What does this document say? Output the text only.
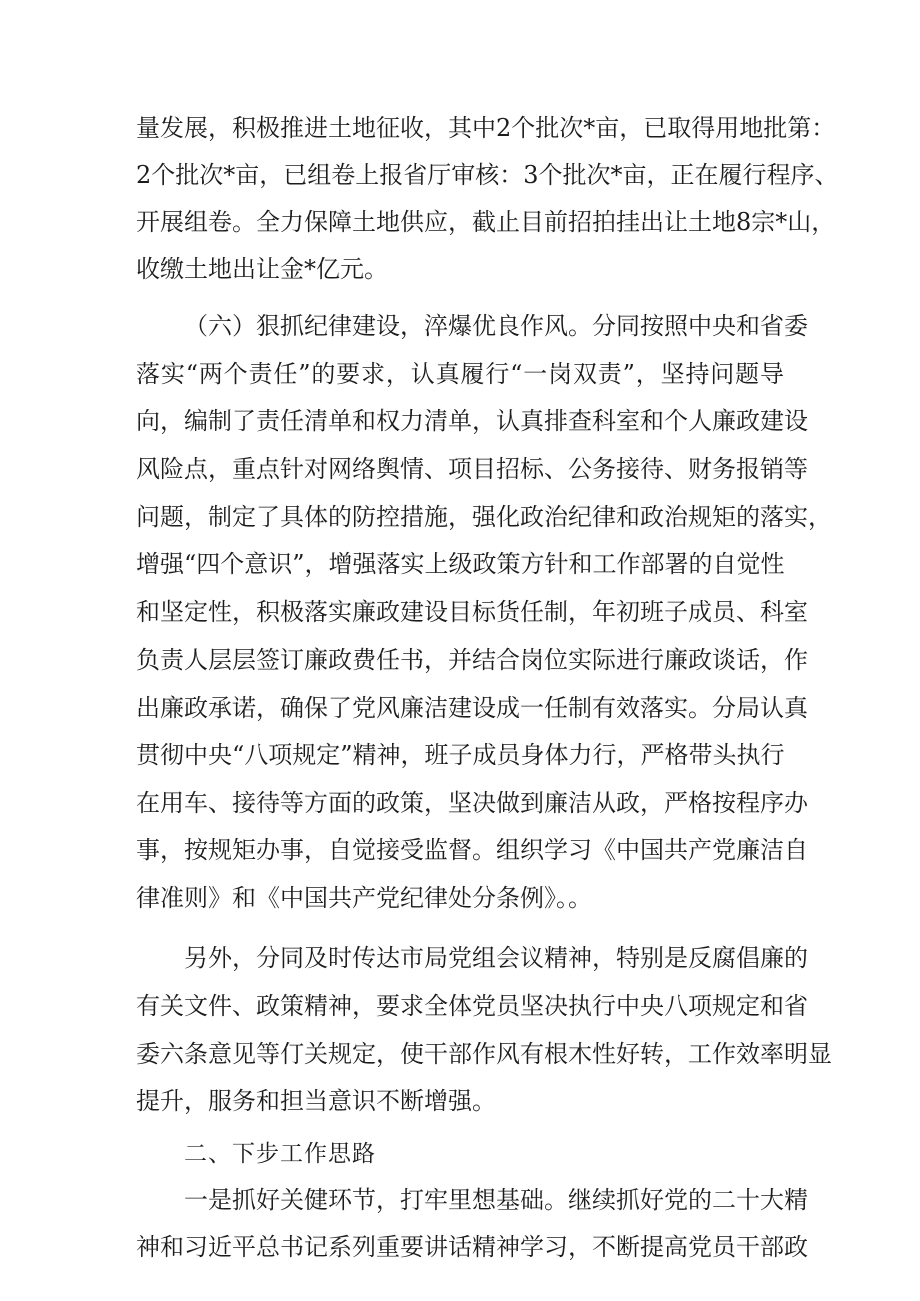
量发展，积极推进土地征收，其中2个批次*亩，已取得用地批第：
2个批次*亩，已组卷上报省厅审核：3个批次*亩，正在履行程序、
开展组卷。全力保障土地供应，截止目前招拍挂出让土地8宗*山，
收缴土地出让金*亿元。
（六）狠抓纪律建设，淬爆优良作风。分同按照中央和省委
落实“两个责任”的要求，认真履行“一岗双责”，坚持问题导
向，编制了责任清单和权力清单，认真排查科室和个人廉政建设
风险点，重点针对网络舆情、项目招标、公务接待、财务报销等
问题，制定了具体的防控措施，强化政治纪律和政治规矩的落实，
增强“四个意识”，增强落实上级政策方针和工作部署的自觉性
和坚定性，积极落实廉政建设目标货任制，年初班子成员、科室
负责人层层签订廉政费任书，并结合岗位实际进行廉政谈话，作
出廉政承诺，确保了党风廉洁建设成一任制有效落实。分局认真
贯彻中央“八项规定”精神，班子成员身体力行，严格带头执行
在用车、接待等方面的政策，坚决做到廉洁从政，严格按程序办
事，按规矩办事，自觉接受监督。组织学习《中国共产党廉洁自
律准则》和《中国共产党纪律处分条例》。。
另外，分同及时传达市局党组会议精神，特别是反腐倡廉的
有关文件、政策精神，要求全体党员坚决执行中央八项规定和省
委六条意见等仃关规定，使干部作风有根木性好转，工作效率明显
提升，服务和担当意识不断增强。
二、下步工作思路
一是抓好关健环节，打牢里想基础。继续抓好党的二十大精
神和习近平总书记系列重要讲话精神学习，不断提高党员干部政
